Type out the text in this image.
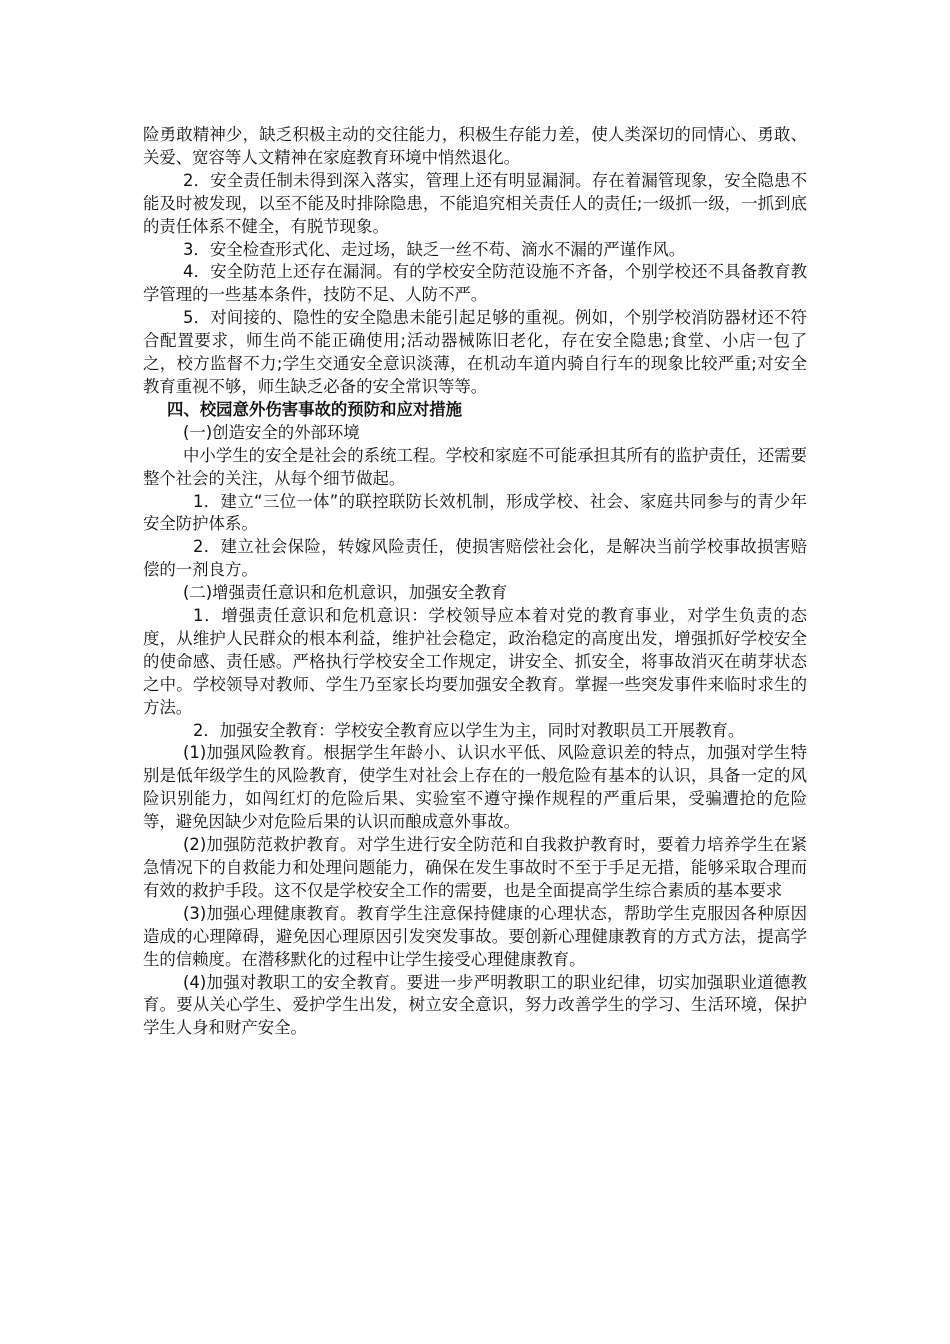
险勇敢精神少，缺乏积极主动的交往能力，积极生存能力差，使人类深切的同情心、勇敢、关爱、宽容等人文精神在家庭教育环境中悄然退化。

2．安全责任制未得到深入落实，管理上还有明显漏洞。存在着漏管现象，安全隐患不能及时被发现，以至不能及时排除隐患，不能追究相关责任人的责任;一级抓一级，一抓到底的责任体系不健全，有脱节现象。

3．安全检查形式化、走过场，缺乏一丝不苟、滴水不漏的严谨作风。

4．安全防范上还存在漏洞。有的学校安全防范设施不齐备，个别学校还不具备教育教学管理的一些基本条件，技防不足、人防不严。

5．对间接的、隐性的安全隐患未能引起足够的重视。例如，个别学校消防器材还不符合配置要求，师生尚不能正确使用;活动器械陈旧老化，存在安全隐患;食堂、小店一包了之，校方监督不力;学生交通安全意识淡薄，在机动车道内骑自行车的现象比较严重;对安全教育重视不够，师生缺乏必备的安全常识等等。

四、校园意外伤害事故的预防和应对措施

(一)创造安全的外部环境

中小学生的安全是社会的系统工程。学校和家庭不可能承担其所有的监护责任，还需要整个社会的关注，从每个细节做起。

1．建立“三位一体”的联控联防长效机制，形成学校、社会、家庭共同参与的青少年安全防护体系。

2．建立社会保险，转嫁风险责任，使损害赔偿社会化，是解决当前学校事故损害赔偿的一剂良方。

(二)增强责任意识和危机意识，加强安全教育

1．增强责任意识和危机意识：学校领导应本着对党的教育事业，对学生负责的态度，从维护人民群众的根本利益，维护社会稳定，政治稳定的高度出发，增强抓好学校安全的使命感、责任感。严格执行学校安全工作规定，讲安全、抓安全，将事故消灭在萌芽状态之中。学校领导对教师、学生乃至家长均要加强安全教育。掌握一些突发事件来临时求生的方法。

2．加强安全教育：学校安全教育应以学生为主，同时对教职员工开展教育。

(1)加强风险教育。根据学生年龄小、认识水平低、风险意识差的特点，加强对学生特别是低年级学生的风险教育，使学生对社会上存在的一般危险有基本的认识，具备一定的风险识别能力，如闯红灯的危险后果、实验室不遵守操作规程的严重后果，受骗遭抢的危险等，避免因缺少对危险后果的认识而酿成意外事故。

(2)加强防范救护教育。对学生进行安全防范和自我救护教育时，要着力培养学生在紧急情况下的自救能力和处理问题能力，确保在发生事故时不至于手足无措，能够采取合理而有效的救护手段。这不仅是学校安全工作的需要，也是全面提高学生综合素质的基本要求

(3)加强心理健康教育。教育学生注意保持健康的心理状态，帮助学生克服因各种原因造成的心理障碍，避免因心理原因引发突发事故。要创新心理健康教育的方式方法，提高学生的信赖度。在潜移默化的过程中让学生接受心理健康教育。

(4)加强对教职工的安全教育。要进一步严明教职工的职业纪律，切实加强职业道德教育。要从关心学生、爱护学生出发，树立安全意识，努力改善学生的学习、生活环境，保护学生人身和财产安全。
